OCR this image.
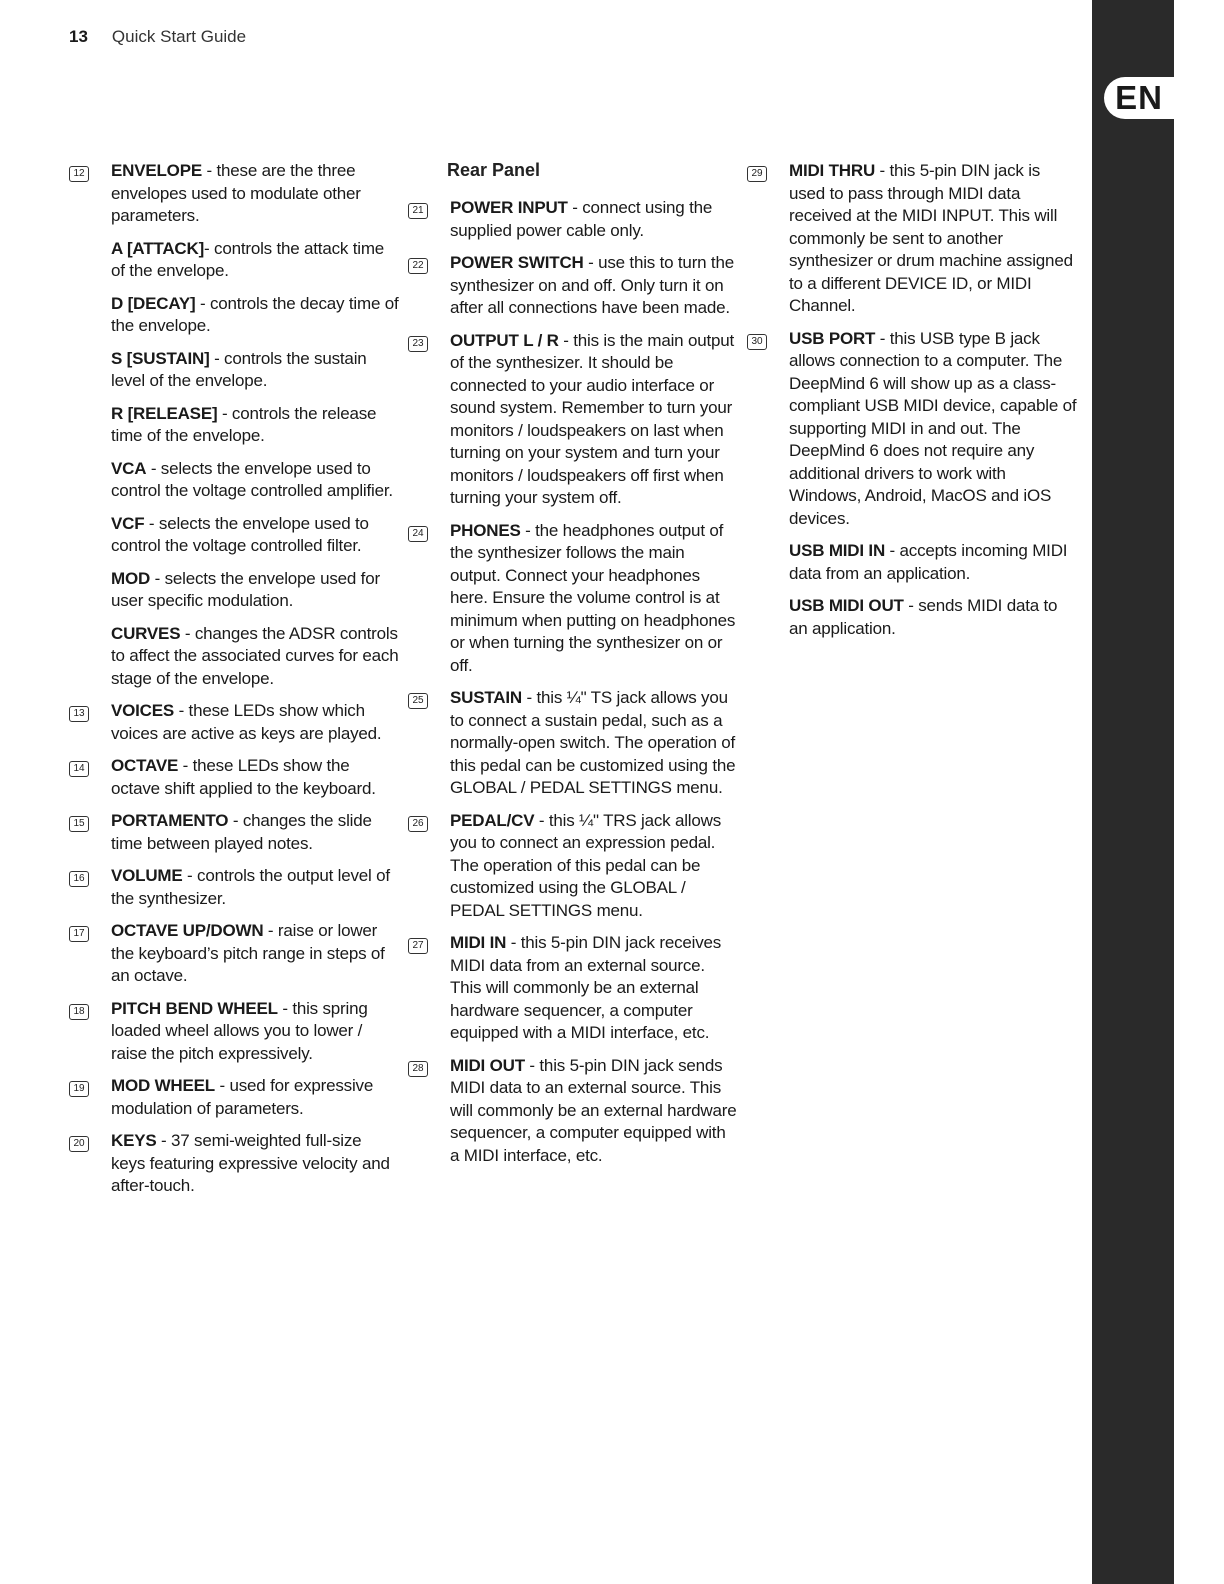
EN
13 Quick Start Guide
12 ENVELOPE - these are the three envelopes used to modulate other parameters.

A [ATTACK]- controls the attack time of the envelope.

D [DECAY] - controls the decay time of the envelope.

S [SUSTAIN] - controls the sustain level of the envelope.

R [RELEASE] - controls the release time of the envelope.

VCA - selects the envelope used to control the voltage controlled amplifier.

VCF - selects the envelope used to control the voltage controlled filter.

MOD - selects the envelope used for user specific modulation.

CURVES - changes the ADSR controls to affect the associated curves for each stage of the envelope.

13 VOICES - these LEDs show which voices are active as keys are played.

14 OCTAVE - these LEDs show the octave shift applied to the keyboard.

15 PORTAMENTO - changes the slide time between played notes.

16 VOLUME - controls the output level of the synthesizer.

17 OCTAVE UP/DOWN - raise or lower the keyboard’s pitch range in steps of an octave.

18 PITCH BEND WHEEL - this spring loaded wheel allows you to lower / raise the pitch expressively.

19 MOD WHEEL - used for expressive modulation of parameters.

20 KEYS - 37 semi-weighted full-size keys featuring expressive velocity and after-touch.

Rear Panel
21 POWER INPUT - connect using the supplied power cable only.

22 POWER SWITCH - use this to turn the synthesizer on and off. Only turn it on after all connections have been made.

23 OUTPUT L / R - this is the main output of the synthesizer. It should be connected to your audio interface or sound system. Remember to turn your monitors / loudspeakers on last when turning on your system and turn your monitors / loudspeakers off first when turning your system off.

24 PHONES - the headphones output of the synthesizer follows the main output. Connect your headphones here. Ensure the volume control is at minimum when putting on headphones or when turning the synthesizer on or off.

25 SUSTAIN - this ¼" TS jack allows you to connect a sustain pedal, such as a normally-open switch. The operation of this pedal can be customized using the GLOBAL / PEDAL SETTINGS menu.

26 PEDAL/CV - this ¼" TRS jack allows you to connect an expression pedal. The operation of this pedal can be customized using the GLOBAL / PEDAL SETTINGS menu.

27 MIDI IN - this 5-pin DIN jack receives MIDI data from an external source. This will commonly be an external hardware sequencer, a computer equipped with a MIDI interface, etc.

28 MIDI OUT - this 5-pin DIN jack sends MIDI data to an external source. This will commonly be an external hardware sequencer, a computer equipped with a MIDI interface, etc.

29 MIDI THRU - this 5-pin DIN jack is used to pass through MIDI data received at the MIDI INPUT. This will commonly be sent to another synthesizer or drum machine assigned to a different DEVICE ID, or MIDI Channel.

30 USB PORT - this USB type B jack allows connection to a computer. The DeepMind 6 will show up as a class-compliant USB MIDI device, capable of supporting MIDI in and out. The DeepMind 6 does not require any additional drivers to work with Windows, Android, MacOS and iOS devices.

USB MIDI IN - accepts incoming MIDI data from an application.

USB MIDI OUT - sends MIDI data to an application.
